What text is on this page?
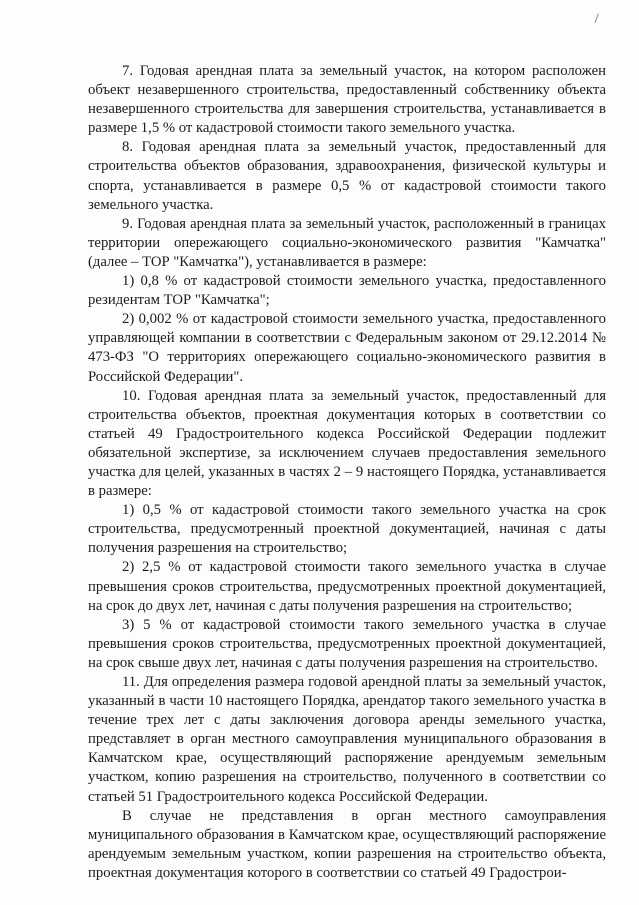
7. Годовая арендная плата за земельный участок, на котором расположен объект незавершенного строительства, предоставленный собственнику объекта незавершенного строительства для завершения строительства, устанавливается в размере 1,5 % от кадастровой стоимости такого земельного участка.

8. Годовая арендная плата за земельный участок, предоставленный для строительства объектов образования, здравоохранения, физической культуры и спорта, устанавливается в размере 0,5 % от кадастровой стоимости такого земельного участка.

9. Годовая арендная плата за земельный участок, расположенный в границах территории опережающего социально-экономического развития "Камчатка" (далее – ТОР "Камчатка"), устанавливается в размере:

1) 0,8 % от кадастровой стоимости земельного участка, предоставленного резидентам ТОР "Камчатка";

2) 0,002 % от кадастровой стоимости земельного участка, предоставленного управляющей компании в соответствии с Федеральным законом от 29.12.2014 № 473-ФЗ "О территориях опережающего социально-экономического развития в Российской Федерации".

10. Годовая арендная плата за земельный участок, предоставленный для строительства объектов, проектная документация которых в соответствии со статьей 49 Градостроительного кодекса Российской Федерации подлежит обязательной экспертизе, за исключением случаев предоставления земельного участка для целей, указанных в частях 2 – 9 настоящего Порядка, устанавливается в размере:

1) 0,5 % от кадастровой стоимости такого земельного участка на срок строительства, предусмотренный проектной документацией, начиная с даты получения разрешения на строительство;

2) 2,5 % от кадастровой стоимости такого земельного участка в случае превышения сроков строительства, предусмотренных проектной документацией, на срок до двух лет, начиная с даты получения разрешения на строительство;

3) 5 % от кадастровой стоимости такого земельного участка в случае превышения сроков строительства, предусмотренных проектной документацией, на срок свыше двух лет, начиная с даты получения разрешения на строительство.

11. Для определения размера годовой арендной платы за земельный участок, указанный в части 10 настоящего Порядка, арендатор такого земельного участка в течение трех лет с даты заключения договора аренды земельного участка, представляет в орган местного самоуправления муниципального образования в Камчатском крае, осуществляющий распоряжение арендуемым земельным участком, копию разрешения на строительство, полученного в соответствии со статьей 51 Градостроительного кодекса Российской Федерации.

В случае не представления в орган местного самоуправления муниципального образования в Камчатском крае, осуществляющий распоряжение арендуемым земельным участком, копии разрешения на строительство объекта, проектная документация которого в соответствии со статьей 49 Градострои-
